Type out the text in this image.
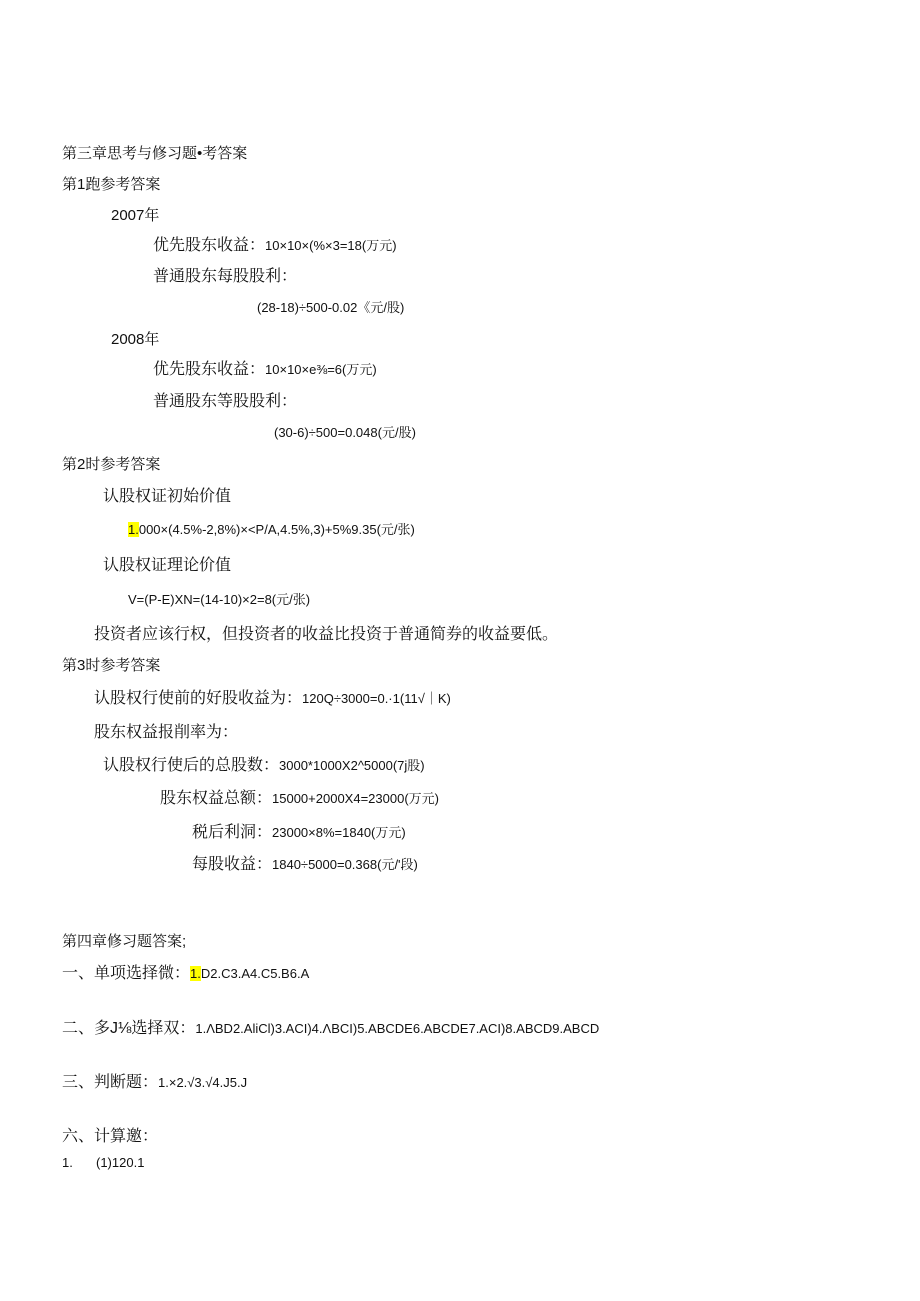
第三章思考与修习题•考答案
第1跑参考答案
2007年
优先股东收益：10×10×(%×3=18(万元)
普通股东每股股利：
(28-18)÷500-0.02《元/股)
2008年
优先股东收益：10×10×e⅜=6(万元)
普通股东等股股利：
(30-6)÷500=0.048(元/股)
第2时参考答案
认股权证初始价值
1.000×(4.5%-2,8%)×<P/A,4.5%,3)+5%9.35(元/张)
认股权证理论价值
V=(P-E)XN=(14-10)×2=8(元/张)
投资者应该行权，但投资者的收益比投资于普通简券的收益要低。
第3时参考答案
认股权行使前的好股收益为：120Q÷3000=0.·1(11√｜K)
股东权益报削率为：
认股权行使后的总股数：3000*1000X2^5000(7j股)
股东权益总额：15000+2000X4=23000(万元)
税后利洞：23000×8%=1840(万元)
每股收益：1840÷5000=0.368(元/'段)
第四章修习题答案;
一、单项选择微：1.D2.C3.A4.C5.B6.A
二、多J⅛选择双：1.ΛBD2.AliCl)3.ACI)4.ΛBCI)5.ABCDE6.ABCDE7.ACI)8.ABCD9.ABCD
三、判断题：1.×2.√3.√4.J5.J
六、计算邀：
1. (1)120.1
